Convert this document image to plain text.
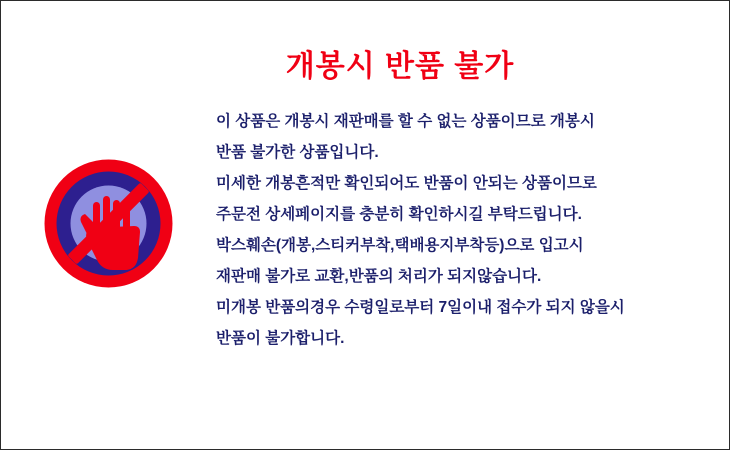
개봉시 반품 불가

이 상품은 개봉시 재판매를 할 수 없는 상품이므로 개봉시

반품 불가한 상품입니다.

미세한 개봉흔적만 확인되어도 반품이 안되는 상품이므로

주문전 상세페이지를 충분히 확인하시길 부탁드립니다.

박스훼손(개봉,스티커부착,택배용지부착등)으로 입고시

재판매 불가로 교환,반품의 처리가 되지않습니다.

미개봉 반품의경우 수령일로부터 7일이내 접수가 되지 않을시

반품이 불가합니다.
